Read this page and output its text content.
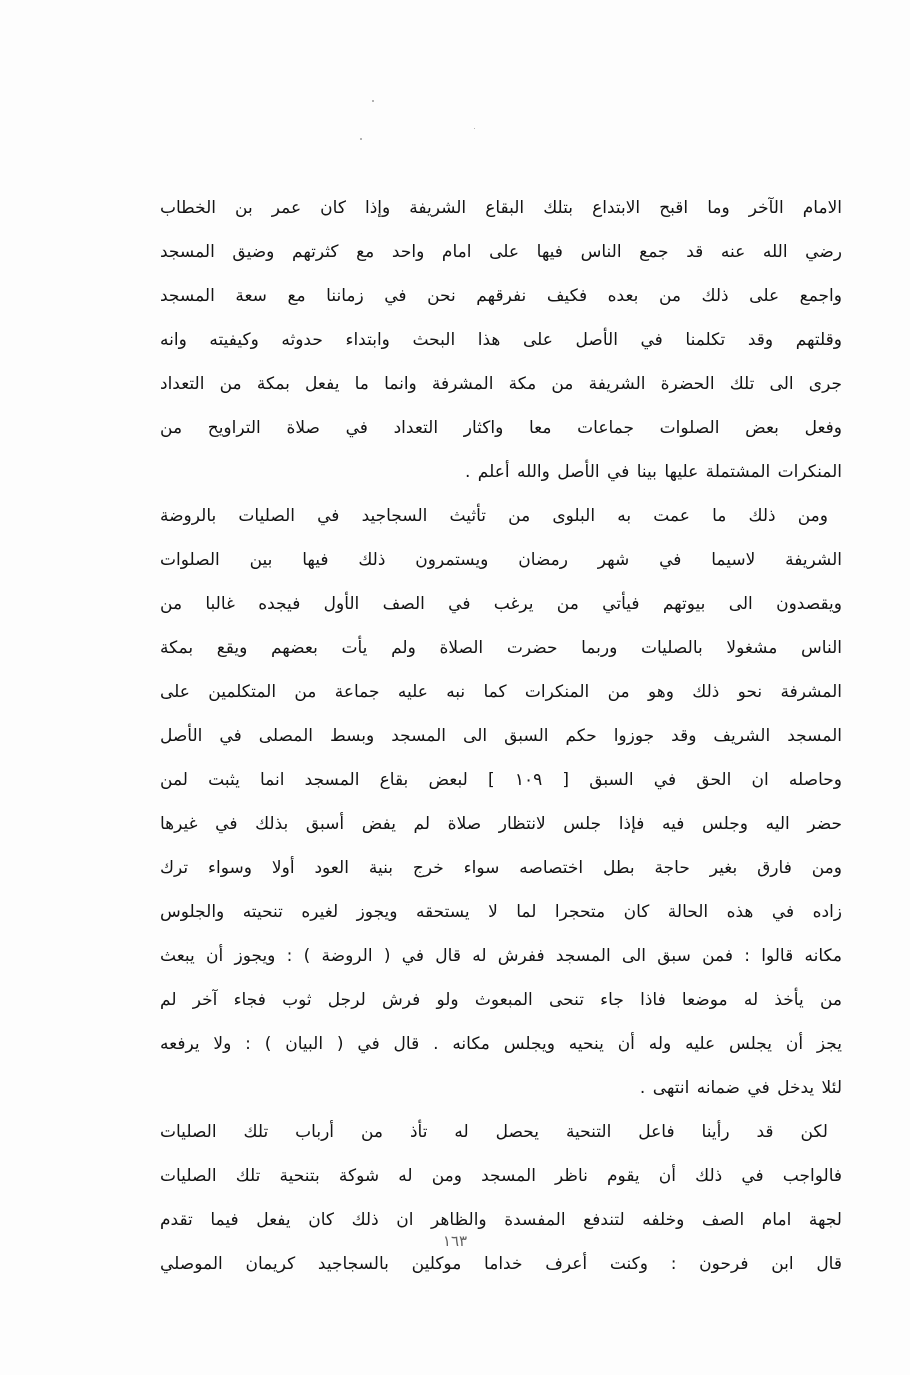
الامام الآخر وما اقبح الابتداع بتلك البقاع الشريفة وإذا كان عمر بن الخطاب
رضي الله عنه قد جمع الناس فيها على امام واحد مع كثرتهم وضيق المسجد
واجمع على ذلك من بعده فكيف نفرقهم نحن في زماننا مع سعة المسجد
وقلتهم وقد تكلمنا في الأصل على هذا البحث وابتداء حدوثه وكيفيته وانه
جرى الى تلك الحضرة الشريفة من مكة المشرفة وانما ما يفعل بمكة من التعداد
وفعل بعض الصلوات جماعات معا واكثار التعداد في صلاة التراويح من
المنكرات المشتملة عليها بينا في الأصل والله أعلم .
ومن ذلك ما عمت به البلوى من تأثيث السجاجيد في الصليات بالروضة
الشريفة لاسيما في شهر رمضان ويستمرون ذلك فيها بين الصلوات
ويقصدون الى بيوتهم فيأتي من يرغب في الصف الأول فيجده غالبا من
الناس مشغولا بالصليات وربما حضرت الصلاة ولم يأت بعضهم ويقع بمكة
المشرفة نحو ذلك وهو من المنكرات كما نبه عليه جماعة من المتكلمين على
المسجد الشريف وقد جوزوا حكم السبق الى المسجد وبسط المصلى في الأصل
وحاصله ان الحق في السبق [ ١٠٩ ] لبعض بقاع المسجد انما يثبت لمن
حضر اليه وجلس فيه فإذا جلس لانتظار صلاة لم يفض أسبق بذلك في غيرها
ومن فارق بغير حاجة بطل اختصاصه سواء خرج بنية العود أولا وسواء ترك
زاده في هذه الحالة كان متحجرا لما لا يستحقه ويجوز لغيره تنحيته والجلوس
مكانه قالوا : فمن سبق الى المسجد ففرش له قال في ( الروضة ) : ويجوز أن يبعث
من يأخذ له موضعا فاذا جاء تنحى المبعوث ولو فرش لرجل ثوب فجاء آخر لم
يجز أن يجلس عليه وله أن ينحيه ويجلس مكانه . قال في ( البيان ) : ولا يرفعه
لئلا يدخل في ضمانه انتهى .
لكن قد رأينا فاعل التنحية يحصل له تأذ من أرباب تلك الصليات
فالواجب في ذلك أن يقوم ناظر المسجد ومن له شوكة بتنحية تلك الصليات
لجهة امام الصف وخلفه لتندفع المفسدة والظاهر ان ذلك كان يفعل فيما تقدم
قال ابن فرحون : وكنت أعرف خداما موكلين بالسجاجيد كريمان الموصلي
١٦٣
